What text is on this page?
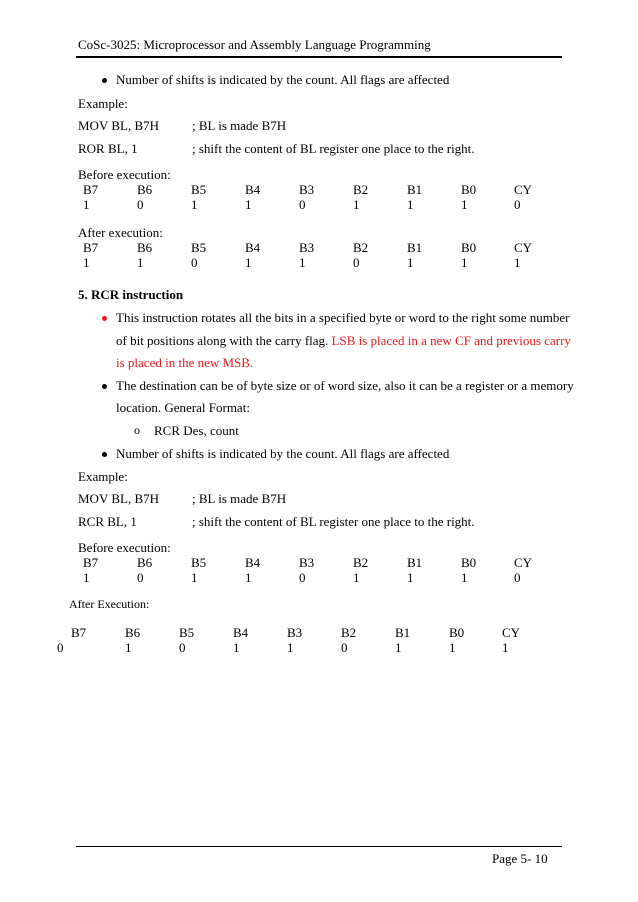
CoSc-3025: Microprocessor and Assembly Language Programming
Number of shifts is indicated by the count. All flags are affected
Example:
MOV BL, B7H	; BL is made B7H
ROR BL, 1	; shift the content of BL register one place to the right.
Before execution:
B7	B6	B5	B4	B3	B2	B1	B0	CY
1	0	1	1	0	1	1	1	0
After execution:
B7	B6	B5	B4	B3	B2	B1	B0	CY
1	1	0	1	1	0	1	1	1
5. RCR instruction
This instruction rotates all the bits in a specified byte or word to the right some number
of bit positions along with the carry flag. LSB is placed in a new CF and previous carry
is placed in the new MSB.
The destination can be of byte size or of word size, also it can be a register or a memory
location. General Format:
o RCR Des, count
Number of shifts is indicated by the count. All flags are affected
Example:
MOV BL, B7H	; BL is made B7H
RCR BL, 1	; shift the content of BL register one place to the right.
Before execution:
B7	B6	B5	B4	B3	B2	B1	B0	CY
1	0	1	1	0	1	1	1	0
After Execution:
B7	B6	B5	B4	B3	B2	B1	B0	CY
0	1	0	1	1	0	1	1	1
Page 5- 10
